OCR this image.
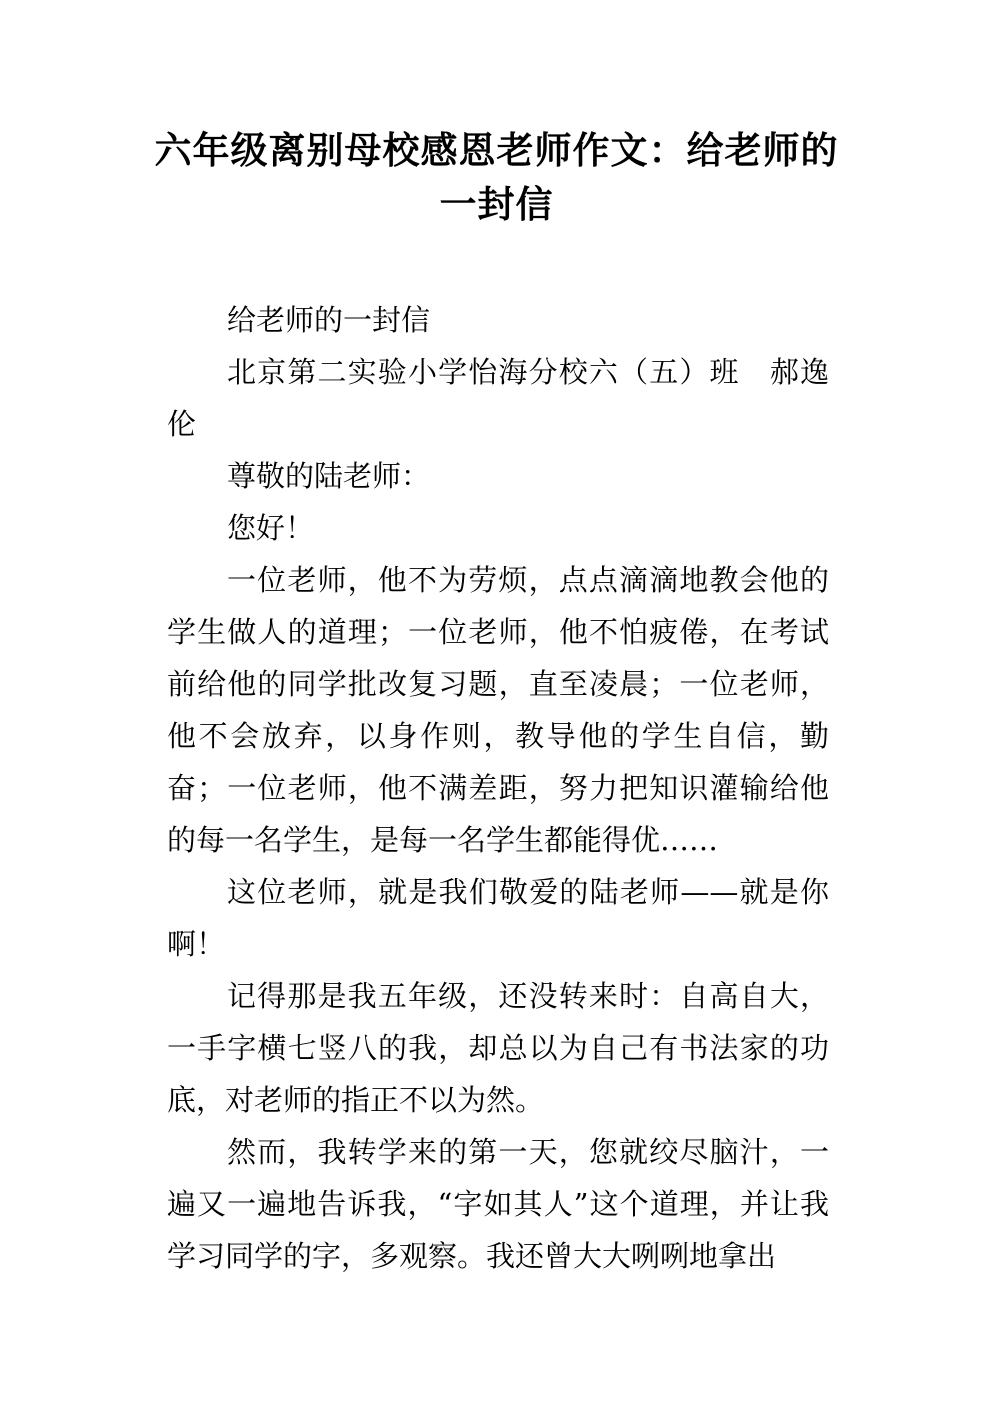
六年级离别母校感恩老师作文：给老师的一封信

给老师的一封信

北京第二实验小学怡海分校六（五）班　郝逸伦

尊敬的陆老师：

您好！

一位老师，他不为劳烦，点点滴滴地教会他的学生做人的道理；一位老师，他不怕疲倦，在考试前给他的同学批改复习题，直至凌晨；一位老师，他不会放弃，以身作则，教导他的学生自信，勤奋；一位老师，他不满差距，努力把知识灌输给他的每一名学生，是每一名学生都能得优……

这位老师，就是我们敬爱的陆老师——就是你啊！

记得那是我五年级，还没转来时：自高自大，一手字横七竖八的我，却总以为自己有书法家的功底，对老师的指正不以为然。

然而，我转学来的第一天，您就绞尽脑汁，一遍又一遍地告诉我，“字如其人”这个道理，并让我学习同学的字，多观察。我还曾大大咧咧地拿出
